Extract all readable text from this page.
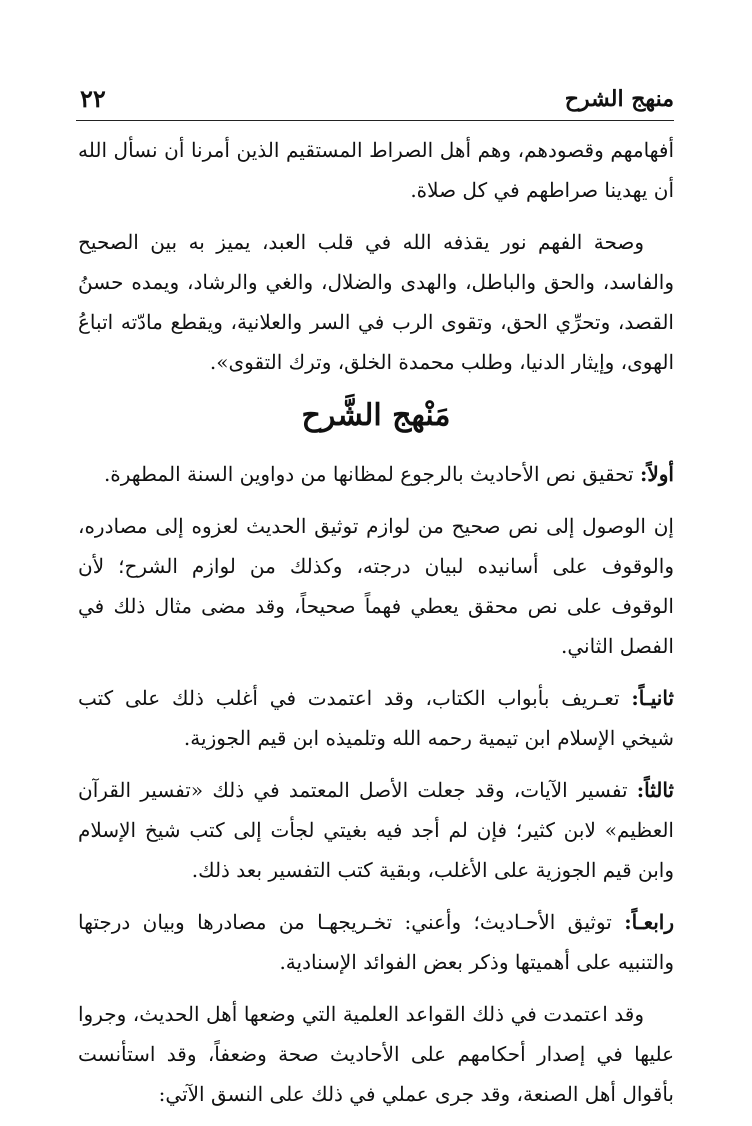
منهج الشرح
٢٢

أفهامهم وقصودهم، وهم أهل الصراط المستقيم الذين أمرنا أن نسأل الله أن يهدينا صراطهم في كل صلاة.

وصحة الفهم نور يقذفه الله في قلب العبد، يميز به بين الصحيح والفاسد، والحق والباطل، والهدى والضلال، والغي والرشاد، ويمده حسنُ القصد، وتحرِّي الحق، وتقوى الرب في السر والعلانية، ويقطع مادّته اتباعُ الهوى، وإيثار الدنيا، وطلب محمدة الخلق، وترك التقوى».

مَنْهج الشَّرح

أولاً: تحقيق نص الأحاديث بالرجوع لمظانها من دواوين السنة المطهرة.

إن الوصول إلى نص صحيح من لوازم توثيق الحديث لعزوه إلى مصادره، والوقوف على أسانيده لبيان درجته، وكذلك من لوازم الشرح؛ لأن الوقوف على نص محقق يعطي فهماً صحيحاً، وقد مضى مثال ذلك في الفصل الثاني.

ثانيـاً: تعـريف بأبواب الكتاب، وقد اعتمدت في أغلب ذلك على كتب شيخي الإسلام ابن تيمية رحمه الله وتلميذه ابن قيم الجوزية.

ثالثاً: تفسير الآيات، وقد جعلت الأصل المعتمد في ذلك «تفسير القرآن العظيم» لابن كثير؛ فإن لم أجد فيه بغيتي لجأت إلى كتب شيخ الإسلام وابن قيم الجوزية على الأغلب، وبقية كتب التفسير بعد ذلك.

رابعـاً: توثيق الأحـاديث؛ وأعني: تخـريجهـا من مصادرها وبيان درجتها والتنبيه على أهميتها وذكر بعض الفوائد الإسنادية.

وقد اعتمدت في ذلك القواعد العلمية التي وضعها أهل الحديث، وجروا عليها في إصدار أحكامهم على الأحاديث صحة وضعفاً، وقد استأنست بأقوال أهل الصنعة، وقد جرى عملي في ذلك على النسق الآتي:
